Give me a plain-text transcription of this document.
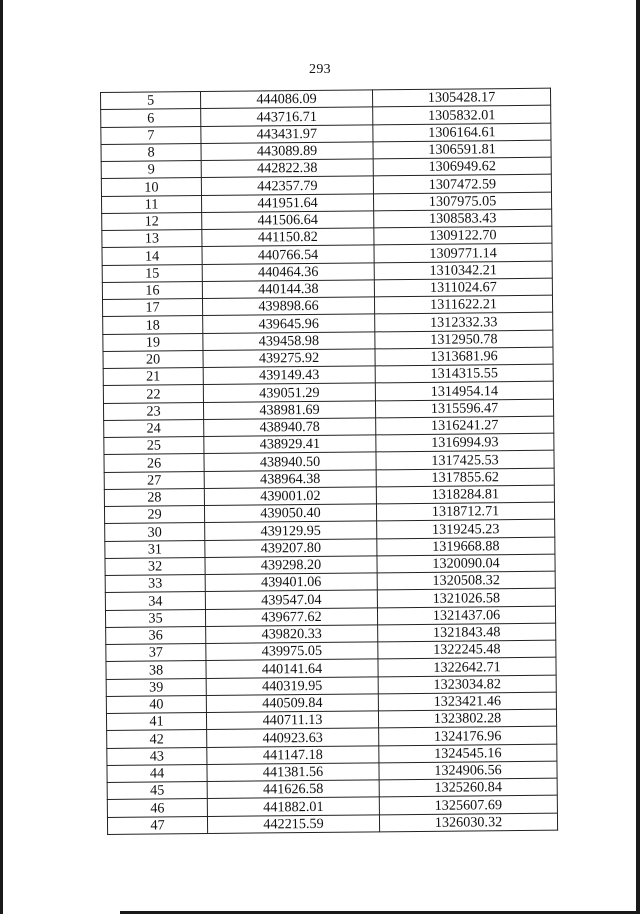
293
5	444086.09	1305428.17
6	443716.71	1305832.01
7	443431.97	1306164.61
8	443089.89	1306591.81
9	442822.38	1306949.62
10	442357.79	1307472.59
11	441951.64	1307975.05
12	441506.64	1308583.43
13	441150.82	1309122.70
14	440766.54	1309771.14
15	440464.36	1310342.21
16	440144.38	1311024.67
17	439898.66	1311622.21
18	439645.96	1312332.33
19	439458.98	1312950.78
20	439275.92	1313681.96
21	439149.43	1314315.55
22	439051.29	1314954.14
23	438981.69	1315596.47
24	438940.78	1316241.27
25	438929.41	1316994.93
26	438940.50	1317425.53
27	438964.38	1317855.62
28	439001.02	1318284.81
29	439050.40	1318712.71
30	439129.95	1319245.23
31	439207.80	1319668.88
32	439298.20	1320090.04
33	439401.06	1320508.32
34	439547.04	1321026.58
35	439677.62	1321437.06
36	439820.33	1321843.48
37	439975.05	1322245.48
38	440141.64	1322642.71
39	440319.95	1323034.82
40	440509.84	1323421.46
41	440711.13	1323802.28
42	440923.63	1324176.96
43	441147.18	1324545.16
44	441381.56	1324906.56
45	441626.58	1325260.84
46	441882.01	1325607.69
47	442215.59	1326030.32
